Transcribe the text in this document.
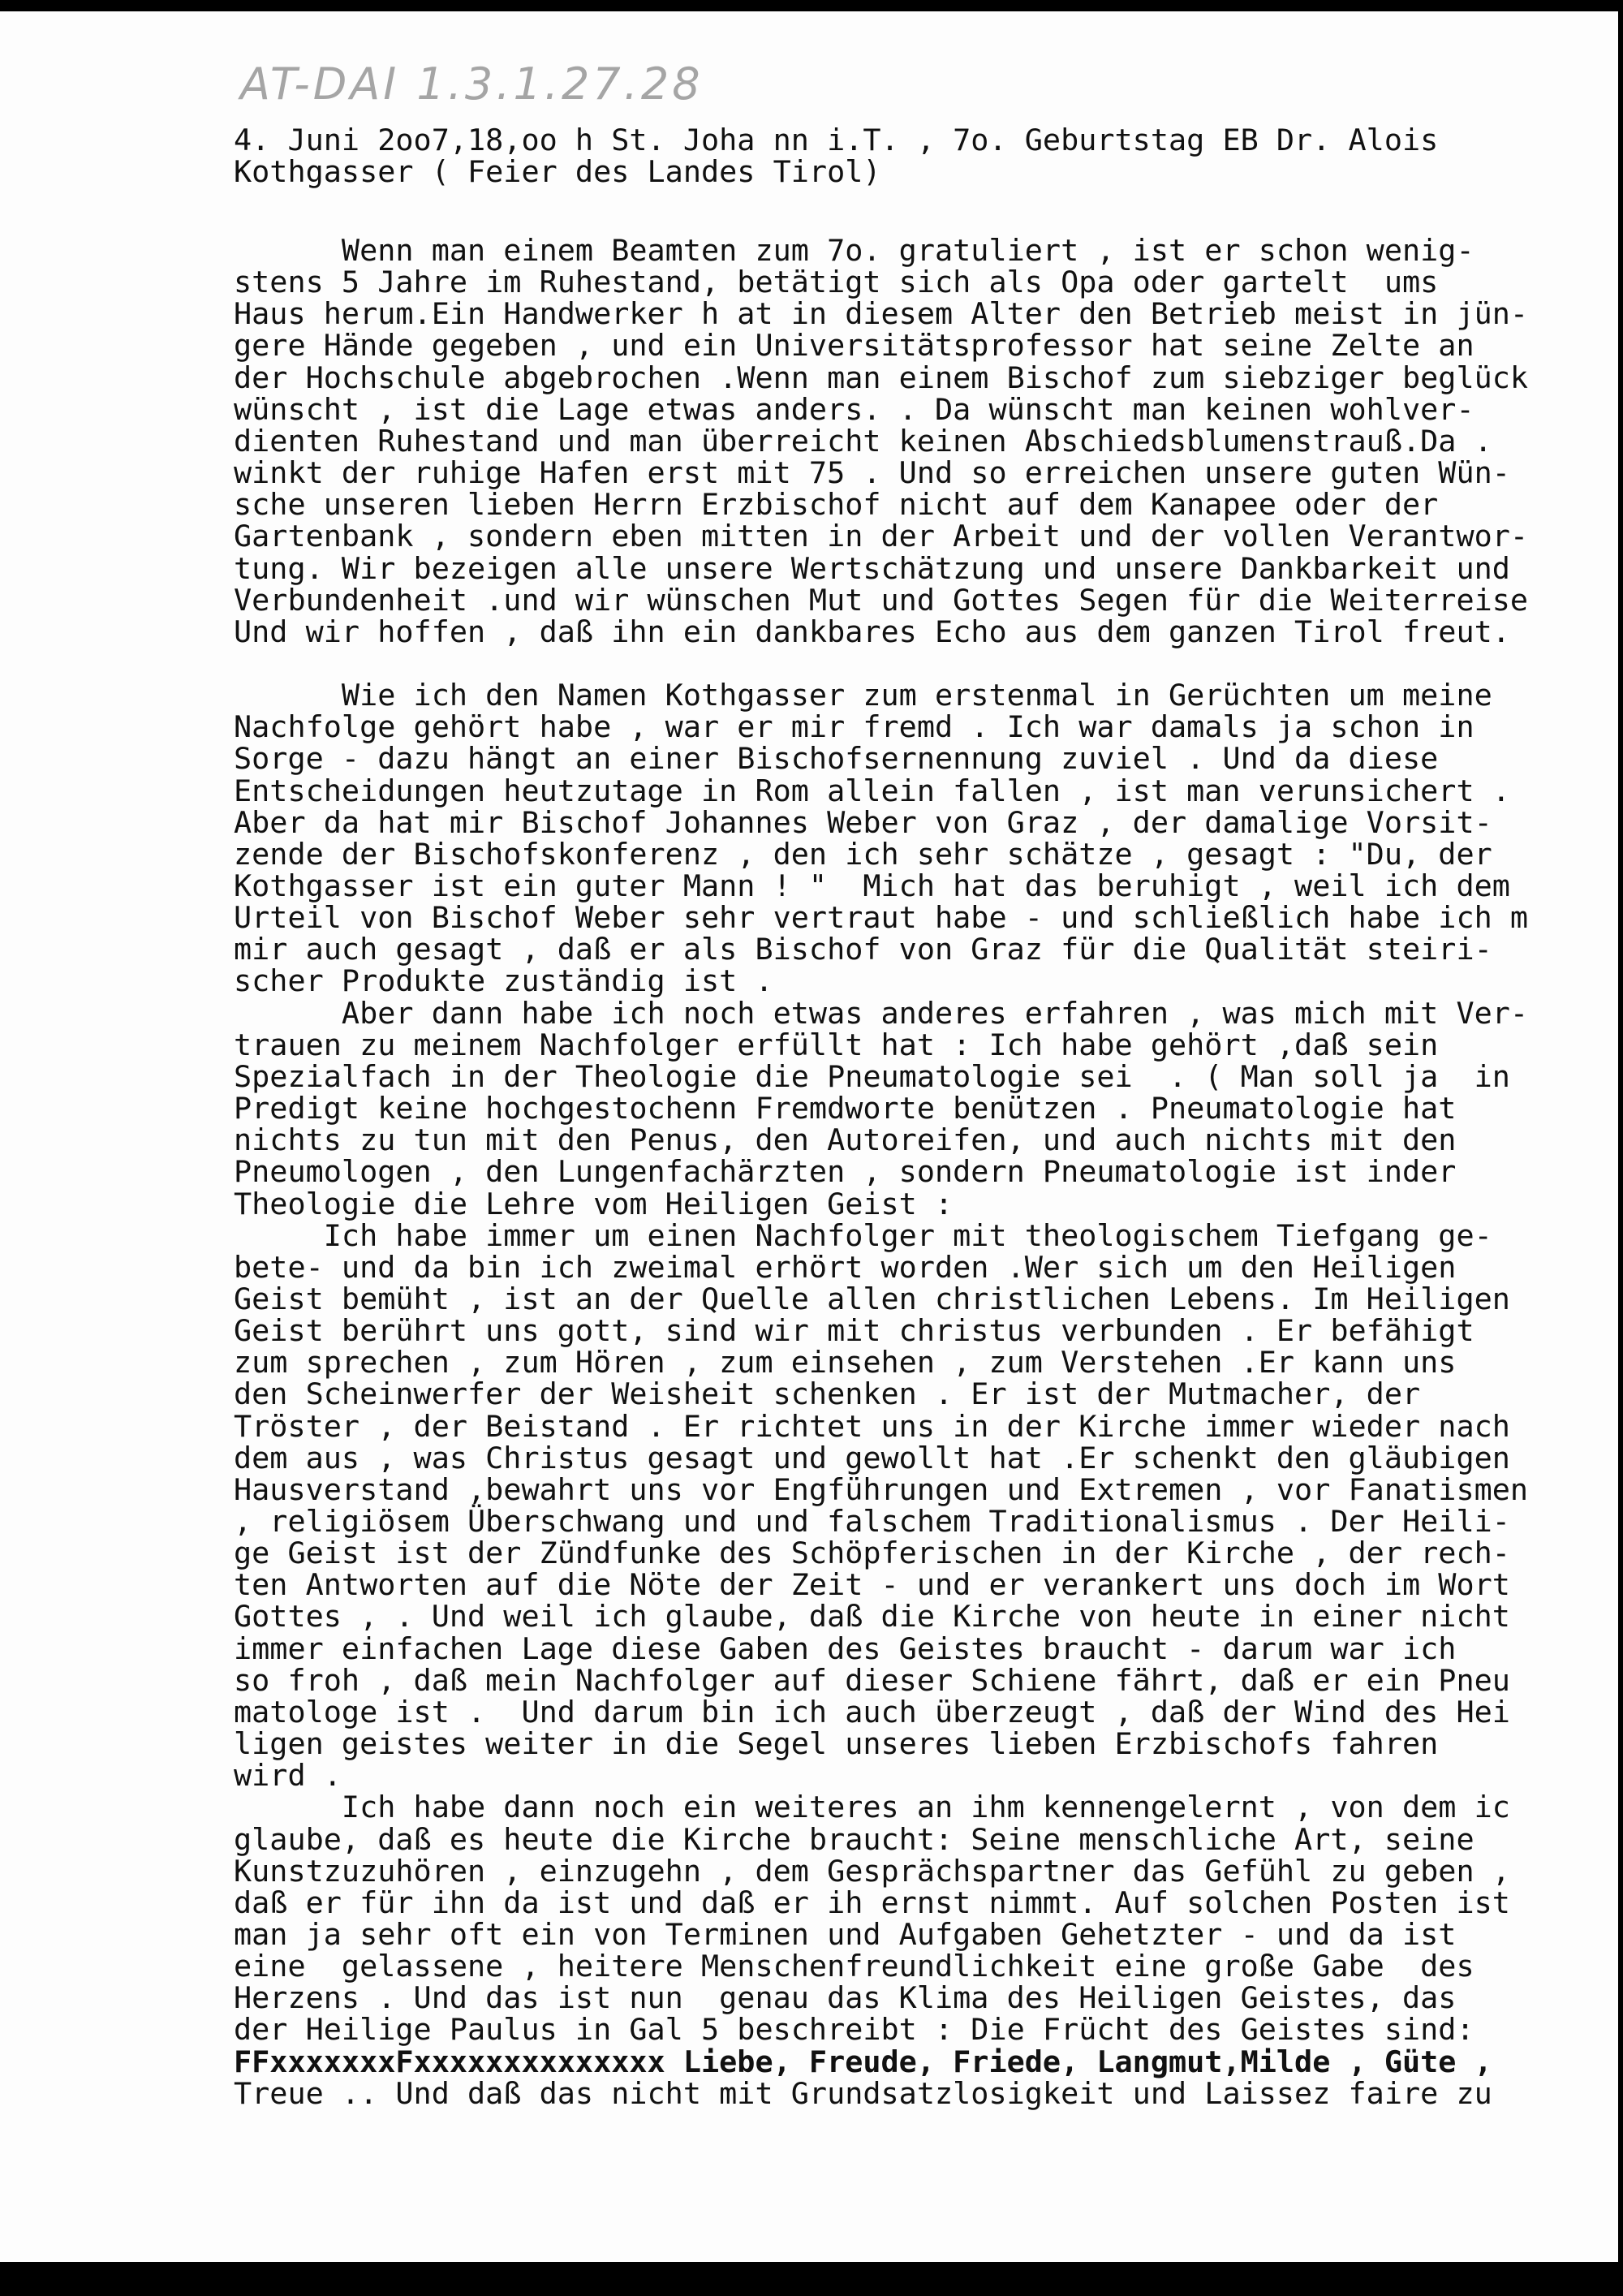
AT-DAI 1.3.1.27.28
4. Juni 2oo7,18,oo h St. Joha nn i.T. , 7o. Geburtstag EB Dr. Alois
Kothgasser ( Feier des Landes Tirol)
Wenn man einem Beamten zum 7o. gratuliert , ist er schon wenig-
stens 5 Jahre im Ruhestand, betätigt sich als Opa oder gartelt  ums
Haus herum.Ein Handwerker h at in diesem Alter den Betrieb meist in jün-
gere Hände gegeben , und ein Universitätsprofessor hat seine Zelte an
der Hochschule abgebrochen .Wenn man einem Bischof zum siebziger beglück
wünscht , ist die Lage etwas anders. . Da wünscht man keinen wohlver-
dienten Ruhestand und man überreicht keinen Abschiedsblumenstrauß.Da .
winkt der ruhige Hafen erst mit 75 . Und so erreichen unsere guten Wün-
sche unseren lieben Herrn Erzbischof nicht auf dem Kanapee oder der
Gartenbank , sondern eben mitten in der Arbeit und der vollen Verantwor-
tung. Wir bezeigen alle unsere Wertschätzung und unsere Dankbarkeit und
Verbundenheit .und wir wünschen Mut und Gottes Segen für die Weiterreise
Und wir hoffen , daß ihn ein dankbares Echo aus dem ganzen Tirol freut.
Wie ich den Namen Kothgasser zum erstenmal in Gerüchten um meine
Nachfolge gehört habe , war er mir fremd . Ich war damals ja schon in
Sorge - dazu hängt an einer Bischofsernennung zuviel . Und da diese
Entscheidungen heutzutage in Rom allein fallen , ist man verunsichert .
Aber da hat mir Bischof Johannes Weber von Graz , der damalige Vorsit-
zende der Bischofskonferenz , den ich sehr schätze , gesagt : "Du, der
Kothgasser ist ein guter Mann ! "  Mich hat das beruhigt , weil ich dem
Urteil von Bischof Weber sehr vertraut habe - und schließlich habe ich m
mir auch gesagt , daß er als Bischof von Graz für die Qualität steiri-
scher Produkte zuständig ist .
Aber dann habe ich noch etwas anderes erfahren , was mich mit Ver-
trauen zu meinem Nachfolger erfüllt hat : Ich habe gehört ,daß sein
Spezialfach in der Theologie die Pneumatologie sei  . ( Man soll ja  in
Predigt keine hochgestochenn Fremdworte benützen . Pneumatologie hat
nichts zu tun mit den Penus, den Autoreifen, und auch nichts mit den
Pneumologen , den Lungenfachärzten , sondern Pneumatologie ist inder
Theologie die Lehre vom Heiligen Geist :
Ich habe immer um einen Nachfolger mit theologischem Tiefgang ge-
bete- und da bin ich zweimal erhört worden .Wer sich um den Heiligen
Geist bemüht , ist an der Quelle allen christlichen Lebens. Im Heiligen
Geist berührt uns gott, sind wir mit christus verbunden . Er befähigt
zum sprechen , zum Hören , zum einsehen , zum Verstehen .Er kann uns
den Scheinwerfer der Weisheit schenken . Er ist der Mutmacher, der
Tröster , der Beistand . Er richtet uns in der Kirche immer wieder nach
dem aus , was Christus gesagt und gewollt hat .Er schenkt den gläubigen
Hausverstand ,bewahrt uns vor Engführungen und Extremen , vor Fanatismen
, religiösem Überschwang und und falschem Traditionalismus . Der Heili-
ge Geist ist der Zündfunke des Schöpferischen in der Kirche , der rech-
ten Antworten auf die Nöte der Zeit - und er verankert uns doch im Wort
Gottes , . Und weil ich glaube, daß die Kirche von heute in einer nicht
immer einfachen Lage diese Gaben des Geistes braucht - darum war ich
so froh , daß mein Nachfolger auf dieser Schiene fährt, daß er ein Pneu
matologe ist .  Und darum bin ich auch überzeugt , daß der Wind des Hei
ligen geistes weiter in die Segel unseres lieben Erzbischofs fahren
wird .
Ich habe dann noch ein weiteres an ihm kennengelernt , von dem ic
glaube, daß es heute die Kirche braucht: Seine menschliche Art, seine
Kunstzuzuhören , einzugehn , dem Gesprächspartner das Gefühl zu geben ,
daß er für ihn da ist und daß er ih ernst nimmt. Auf solchen Posten ist
man ja sehr oft ein von Terminen und Aufgaben Gehetzter - und da ist
eine  gelassene , heitere Menschenfreundlichkeit eine große Gabe  des
Herzens . Und das ist nun  genau das Klima des Heiligen Geistes, das
der Heilige Paulus in Gal 5 beschreibt : Die Frücht des Geistes sind:
FFxxxxxxxFxxxxxxxxxxxxxx Liebe, Freude, Friede, Langmut,Milde , Güte ,
Treue .. Und daß das nicht mit Grundsatzlosigkeit und Laissez faire zu
